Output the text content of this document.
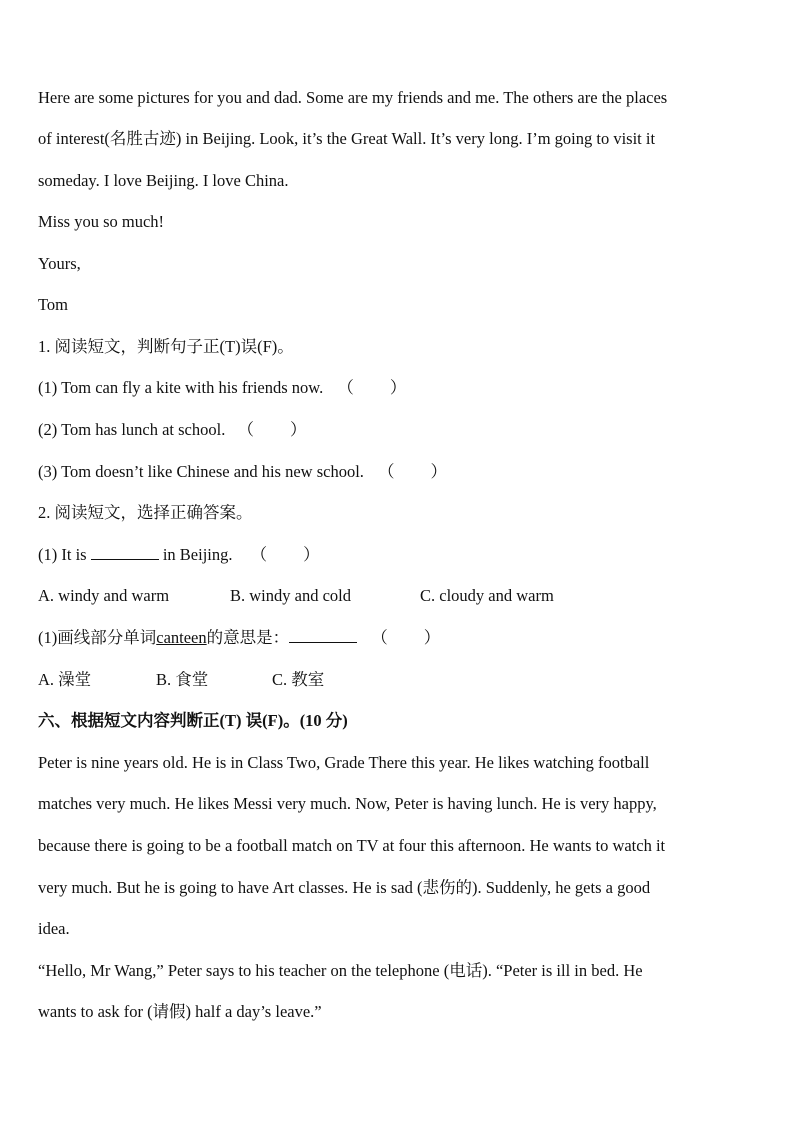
Here are some pictures for you and dad. Some are my friends and me. The others are the places
of interest(名胜古迹) in Beijing. Look, it’s the Great Wall. It’s very long. I’m going to visit it
someday. I love Beijing. I love China.
Miss you so much!
Yours,
Tom
1. 阅读短文，判断句子正(T)误(F)。
(1) Tom can fly a kite with his friends now. （ ）
(2) Tom has lunch at school. （ ）
(3) Tom doesn’t like Chinese and his new school. （ ）
2. 阅读短文，选择正确答案。
(1) It is	in Beijing. （ ）
A. windy and warm	B. windy and cold	C. cloudy and warm
(1)画线部分单词canteen的意思是：	（ ）
A. 澡堂	B. 食堂	C. 教室
六、根据短文内容判断正(T) 误(F)。(10 分)
Peter is nine years old. He is in Class Two, Grade There this year. He likes watching football
matches very much. He likes Messi very much. Now, Peter is having lunch. He is very happy,
because there is going to be a football match on TV at four this afternoon. He wants to watch it
very much. But he is going to have Art classes. He is sad (悲伤的). Suddenly, he gets a good
idea.
“Hello, Mr Wang,” Peter says to his teacher on the telephone (电话). “Peter is ill in bed. He
wants to ask for (请假) half a day’s leave.”
